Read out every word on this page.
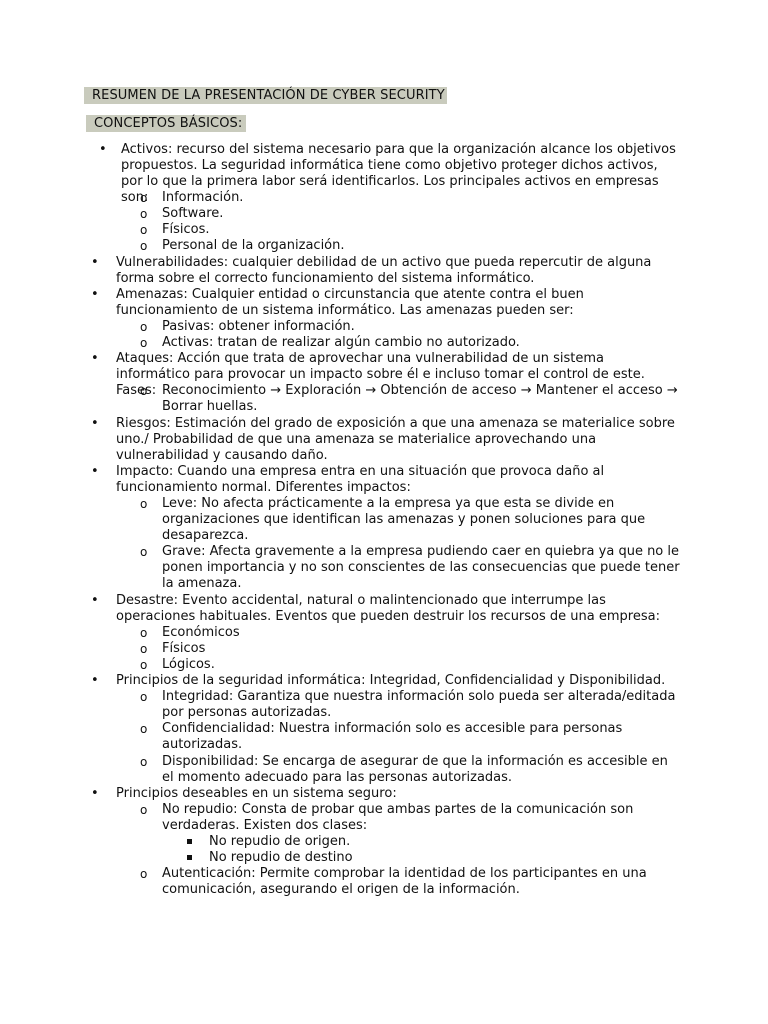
RESUMEN DE LA PRESENTACIÓN DE CYBER SECURITY
CONCEPTOS BÁSICOS:
• Activos: recurso del sistema necesario para que la organización alcance los objetivos propuestos. La seguridad informática tiene como objetivo proteger dichos activos, por lo que la primera labor será identificarlos. Los principales activos en empresas son:	o Información.
o Software.
o Físicos.
o Personal de la organización.
• Vulnerabilidades: cualquier debilidad de un activo que pueda repercutir de alguna forma sobre el correcto funcionamiento del sistema informático.
• Amenazas: Cualquier entidad o circunstancia que atente contra el buen funcionamiento de un sistema informático. Las amenazas pueden ser:
o Pasivas: obtener información.
o Activas: tratan de realizar algún cambio no autorizado.
• Ataques: Acción que trata de aprovechar una vulnerabilidad de un sistema informático para provocar un impacto sobre él e incluso tomar el control de este. Fases: o Reconocimiento → Exploración → Obtención de acceso → Mantener el acceso → Borrar huellas.
• Riesgos: Estimación del grado de exposición a que una amenaza se materialice sobre uno./ Probabilidad de que una amenaza se materialice aprovechando una vulnerabilidad y causando daño.
• Impacto: Cuando una empresa entra en una situación que provoca daño al funcionamiento normal. Diferentes impactos:
o Leve: No afecta prácticamente a la empresa ya que esta se divide en organizaciones que identifican las amenazas y ponen soluciones para que desaparezca.
o Grave: Afecta gravemente a la empresa pudiendo caer en quiebra ya que no le ponen importancia y no son conscientes de las consecuencias que puede tener la amenaza.
• Desastre: Evento accidental, natural o malintencionado que interrumpe las operaciones habituales. Eventos que pueden destruir los recursos de una empresa:
o Económicos
o Físicos
o Lógicos.
• Principios de la seguridad informática: Integridad, Confidencialidad y Disponibilidad.
o Integridad: Garantiza que nuestra información solo pueda ser alterada/editada por personas autorizadas.
o Confidencialidad: Nuestra información solo es accesible para personas autorizadas.
o Disponibilidad: Se encarga de asegurar de que la información es accesible en el momento adecuado para las personas autorizadas.
• Principios deseables en un sistema seguro:
o No repudio: Consta de probar que ambas partes de la comunicación son verdaderas. Existen dos clases:
No repudio de origen.
No repudio de destino
o Autenticación: Permite comprobar la identidad de los participantes en una comunicación, asegurando el origen de la información.
